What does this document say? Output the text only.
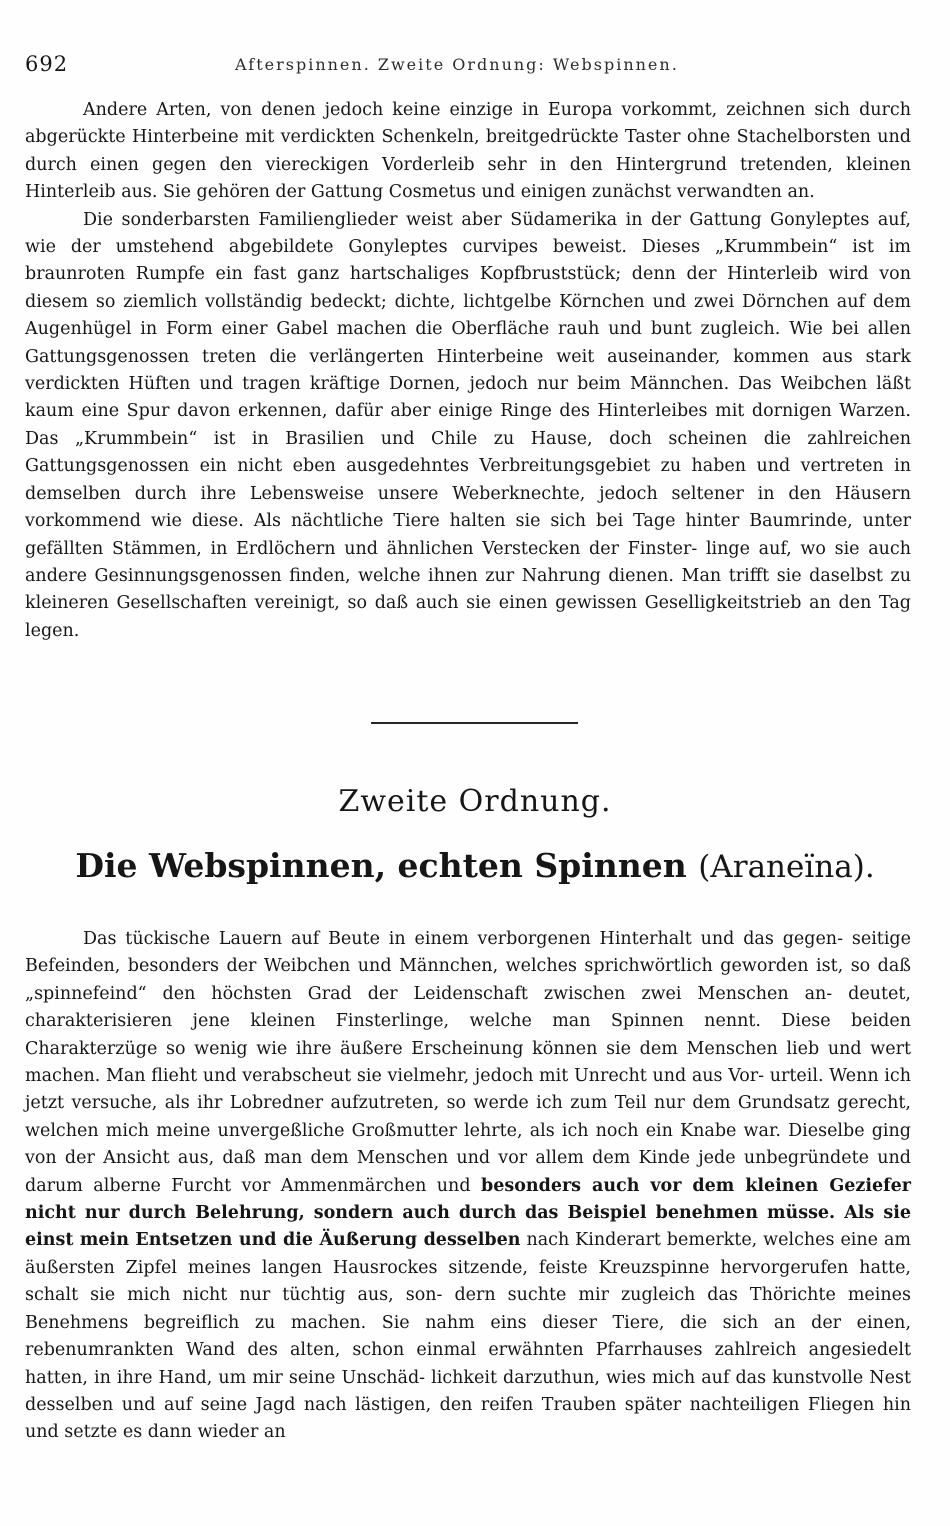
692	Afterspinnen. Zweite Ordnung: Webspinnen.

Andere Arten, von denen jedoch keine einzige in Europa vorkommt, zeichnen sich durch abgerückte Hinterbeine mit verdickten Schenkeln, breitgedrückte Taster ohne Stachelborsten und durch einen gegen den viereckigen Vorderleib sehr in den Hintergrund tretenden, kleinen Hinterleib aus. Sie gehören der Gattung Cosmetus und einigen zunächst verwandten an.

Die sonderbarsten Familienglieder weist aber Südamerika in der Gattung Gonyleptes auf, wie der umstehend abgebildete Gonyleptes curvipes beweist. Dieses „Krummbein“ ist im braunroten Rumpfe ein fast ganz hartschaliges Kopfbruststück; denn der Hinterleib wird von diesem so ziemlich vollständig bedeckt; dichte, lichtgelbe Körnchen und zwei Dörnchen auf dem Augenhügel in Form einer Gabel machen die Oberfläche rauh und bunt zugleich. Wie bei allen Gattungsgenossen treten die verlängerten Hinterbeine weit auseinander, kommen aus stark verdickten Hüften und tragen kräftige Dornen, jedoch nur beim Männchen. Das Weibchen läßt kaum eine Spur davon erkennen, dafür aber einige Ringe des Hinterleibes mit dornigen Warzen. Das „Krummbein“ ist in Brasilien und Chile zu Hause, doch scheinen die zahlreichen Gattungsgenossen ein nicht eben ausgedehntes Verbreitungsgebiet zu haben und vertreten in demselben durch ihre Lebensweise unsere Weberknechte, jedoch seltener in den Häusern vorkommend wie diese. Als nächtliche Tiere halten sie sich bei Tage hinter Baumrinde, unter gefällten Stämmen, in Erdlöchern und ähnlichen Verstecken der Finster- linge auf, wo sie auch andere Gesinnungsgenossen finden, welche ihnen zur Nahrung dienen. Man trifft sie daselbst zu kleineren Gesellschaften vereinigt, so daß auch sie einen gewissen Geselligkeitstrieb an den Tag legen.

Zweite Ordnung.
Die Webspinnen, echten Spinnen (Araneïna).

Das tückische Lauern auf Beute in einem verborgenen Hinterhalt und das gegen- seitige Befeinden, besonders der Weibchen und Männchen, welches sprichwörtlich geworden ist, so daß „spinnefeind“ den höchsten Grad der Leidenschaft zwischen zwei Menschen an- deutet, charakterisieren jene kleinen Finsterlinge, welche man Spinnen nennt. Diese beiden Charakterzüge so wenig wie ihre äußere Erscheinung können sie dem Menschen lieb und wert machen. Man flieht und verabscheut sie vielmehr, jedoch mit Unrecht und aus Vor- urteil. Wenn ich jetzt versuche, als ihr Lobredner aufzutreten, so werde ich zum Teil nur dem Grundsatz gerecht, welchen mich meine unvergeßliche Großmutter lehrte, als ich noch ein Knabe war. Dieselbe ging von der Ansicht aus, daß man dem Menschen und vor allem dem Kinde jede unbegründete und darum alberne Furcht vor Ammenmärchen und besonders auch vor dem kleinen Geziefer nicht nur durch Belehrung, sondern auch durch das Beispiel benehmen müsse. Als sie einst mein Entsetzen und die Äußerung desselben nach Kinderart bemerkte, welches eine am äußersten Zipfel meines langen Hausrockes sitzende, feiste Kreuzspinne hervorgerufen hatte, schalt sie mich nicht nur tüchtig aus, son- dern suchte mir zugleich das Thörichte meines Benehmens begreiflich zu machen. Sie nahm eins dieser Tiere, die sich an der einen, rebenumrankten Wand des alten, schon einmal erwähnten Pfarrhauses zahlreich angesiedelt hatten, in ihre Hand, um mir seine Unschäd- lichkeit darzuthun, wies mich auf das kunstvolle Nest desselben und auf seine Jagd nach lästigen, den reifen Trauben später nachteiligen Fliegen hin und setzte es dann wieder an
